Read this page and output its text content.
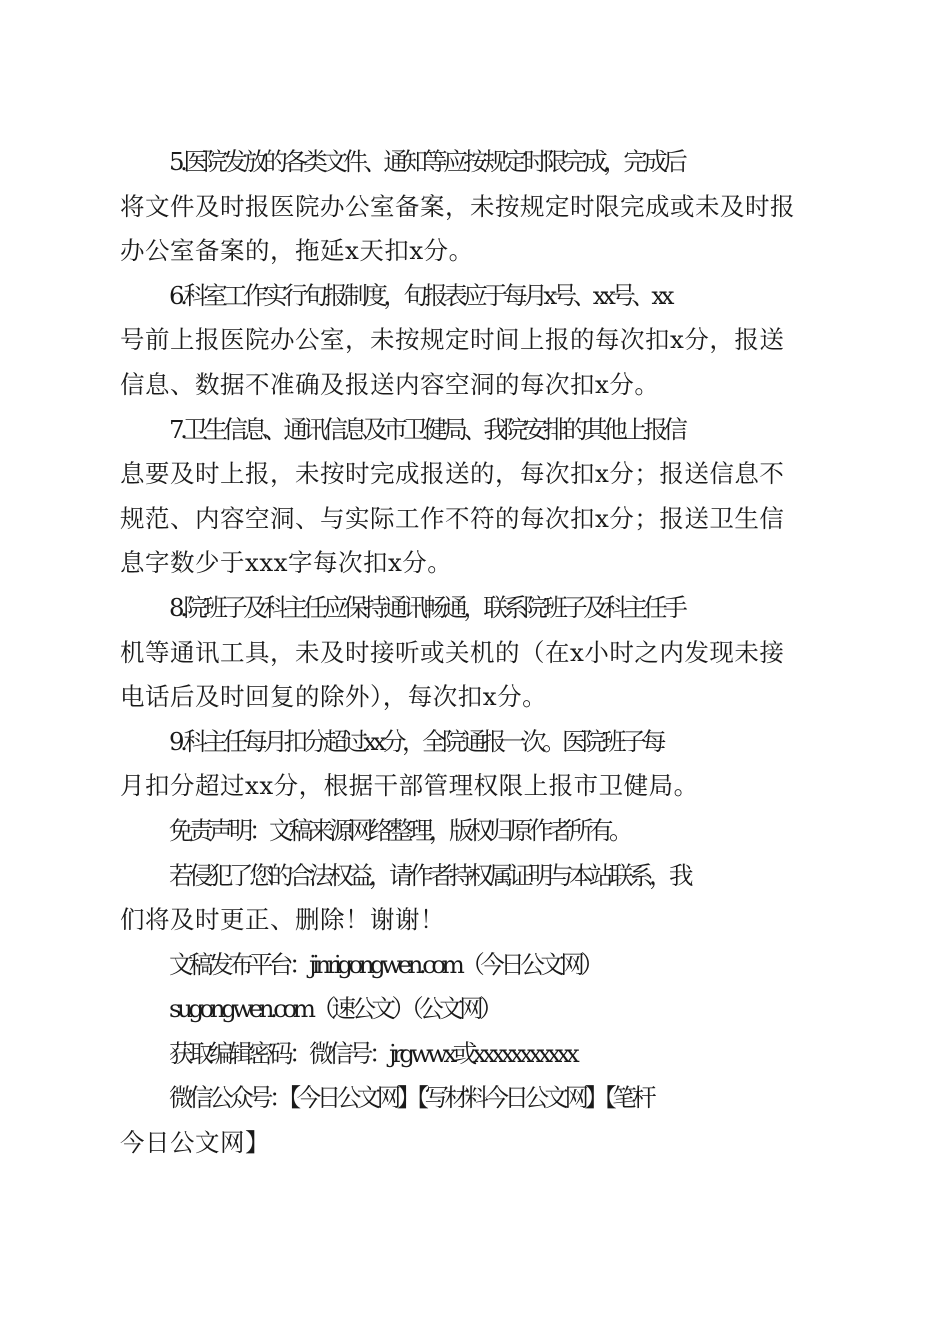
5.医院发放的各类文件、通知等应按规定时限完成，完成后
将文件及时报医院办公室备案，未按规定时限完成或未及时报
办公室备案的，拖延x天扣x分。

6.科室工作实行旬报制度，旬报表应于每月x号、xx号、xx
号前上报医院办公室，未按规定时间上报的每次扣x分，报送
信息、数据不准确及报送内容空洞的每次扣x分。

7.卫生信息、通讯信息及市卫健局、我院安排的其他上报信
息要及时上报，未按时完成报送的，每次扣x分；报送信息不
规范、内容空洞、与实际工作不符的每次扣x分；报送卫生信
息字数少于xxx字每次扣x分。

8.院班子及科主任应保持通讯畅通，联系院班子及科主任手
机等通讯工具，未及时接听或关机的（在x小时之内发现未接
电话后及时回复的除外），每次扣x分。

9.科主任每月扣分超过xx分，全院通报一次。医院班子每
月扣分超过xx分，根据干部管理权限上报市卫健局。

免责声明：文稿来源网络整理，版权归原作者所有。

若侵犯了您的合法权益，请作者持权属证明与本站联系，我
们将及时更正、删除！谢谢！

文稿发布平台：jinrigongwen.com（今日公文网）

sugongwen.com（速公文）（公文网）

获取编辑密码：微信号：jrgwwx或xxxxxxxxxxx

微信公众号：【今日公文网】【写材料今日公文网】【笔杆
今日公文网】
